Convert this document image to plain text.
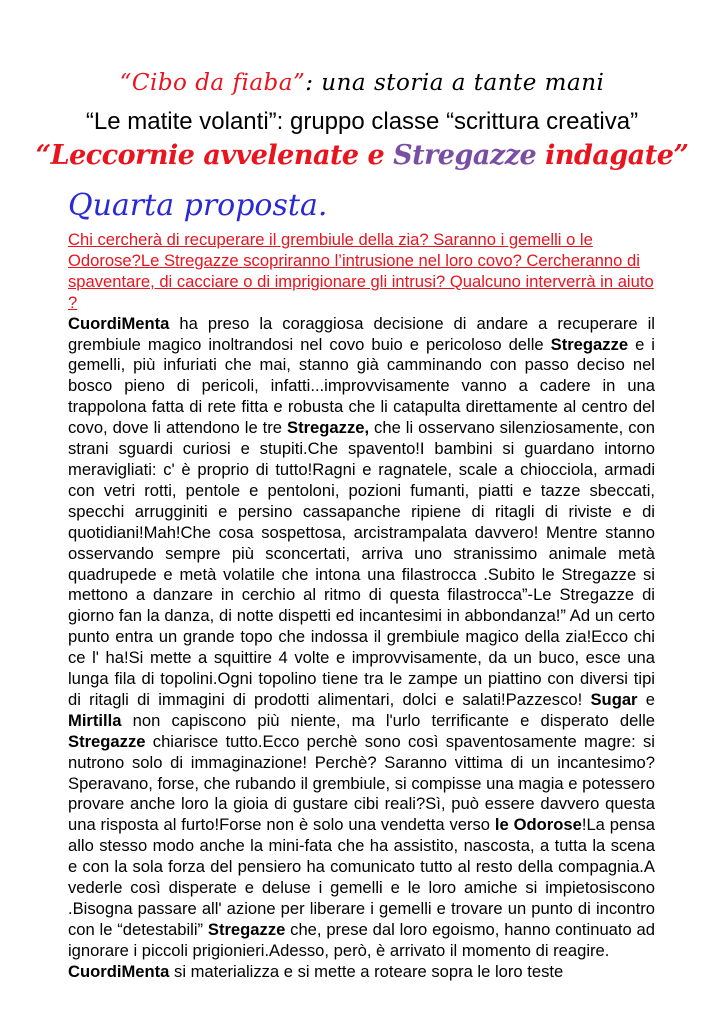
“Cibo da fiaba”: una storia a tante mani
“Le matite volanti”: gruppo classe “scrittura creativa”
“Leccornie avvelenate e Stregazze indagate”
Quarta proposta.
Chi cercherà di recuperare il grembiule della zia? Saranno i gemelli o le Odorose?Le Stregazze scopriranno l’intrusione nel loro covo? Cercheranno di spaventare, di cacciare o di imprigionare gli intrusi? Qualcuno interverrà in aiuto ?
CuordiMenta ha preso la coraggiosa decisione di andare a recuperare il grembiule magico inoltrandosi nel covo buio e pericoloso delle Stregazze e i gemelli, più infuriati che mai, stanno già camminando con passo deciso nel bosco pieno di pericoli, infatti...improvvisamente vanno a cadere in una trappolona fatta di rete fitta e robusta che li catapulta direttamente al centro del covo, dove li attendono le tre Stregazze, che li osservano silenziosamente, con strani sguardi curiosi e stupiti.Che spavento!I bambini si guardano intorno meravigliati: c' è proprio di tutto!Ragni e ragnatele, scale a chiocciola, armadi con vetri rotti, pentole e pentoloni, pozioni fumanti, piatti e tazze sbeccati, specchi arrugginiti e persino cassapanche ripiene di ritagli di riviste e di quotidiani!Mah!Che cosa sospettosa, arcistrampalata davvero! Mentre stanno osservando sempre più sconcertati, arriva uno stranissimo animale metà quadrupede e metà volatile che intona una filastrocca .Subito le Stregazze si mettono a danzare in cerchio al ritmo di questa filastrocca”-Le Stregazze di giorno fan la danza, di notte dispetti ed incantesimi in abbondanza!” Ad un certo punto entra un grande topo che indossa il grembiule magico della zia!Ecco chi ce l' ha!Si mette a squittire 4 volte e improvvisamente, da un buco, esce una lunga fila di topolini.Ogni topolino tiene tra le zampe un piattino con diversi tipi di ritagli di immagini di prodotti alimentari, dolci e salati!Pazzesco! Sugar e Mirtilla non capiscono più niente, ma l'urlo terrificante e disperato delle Stregazze chiarisce tutto.Ecco perchè sono così spaventosamente magre: si nutrono solo di immaginazione! Perchè? Saranno vittima di un incantesimo?Speravano, forse, che rubando il grembiule, si compisse una magia e potessero provare anche loro la gioia di gustare cibi reali?Sì, può essere davvero questa una risposta al furto!Forse non è solo una vendetta verso le Odorose!La pensa allo stesso modo anche la mini-fata che ha assistito, nascosta, a tutta la scena e con la sola forza del pensiero ha comunicato tutto al resto della compagnia.A vederle così disperate e deluse i gemelli e le loro amiche si impietosiscono .Bisogna passare all' azione per liberare i gemelli e trovare un punto di incontro con le “detestabili” Stregazze che, prese dal loro egoismo, hanno continuato ad ignorare i piccoli prigionieri.Adesso, però, è arrivato il momento di reagire.
CuordiMenta si materializza e si mette a roteare sopra le loro teste
